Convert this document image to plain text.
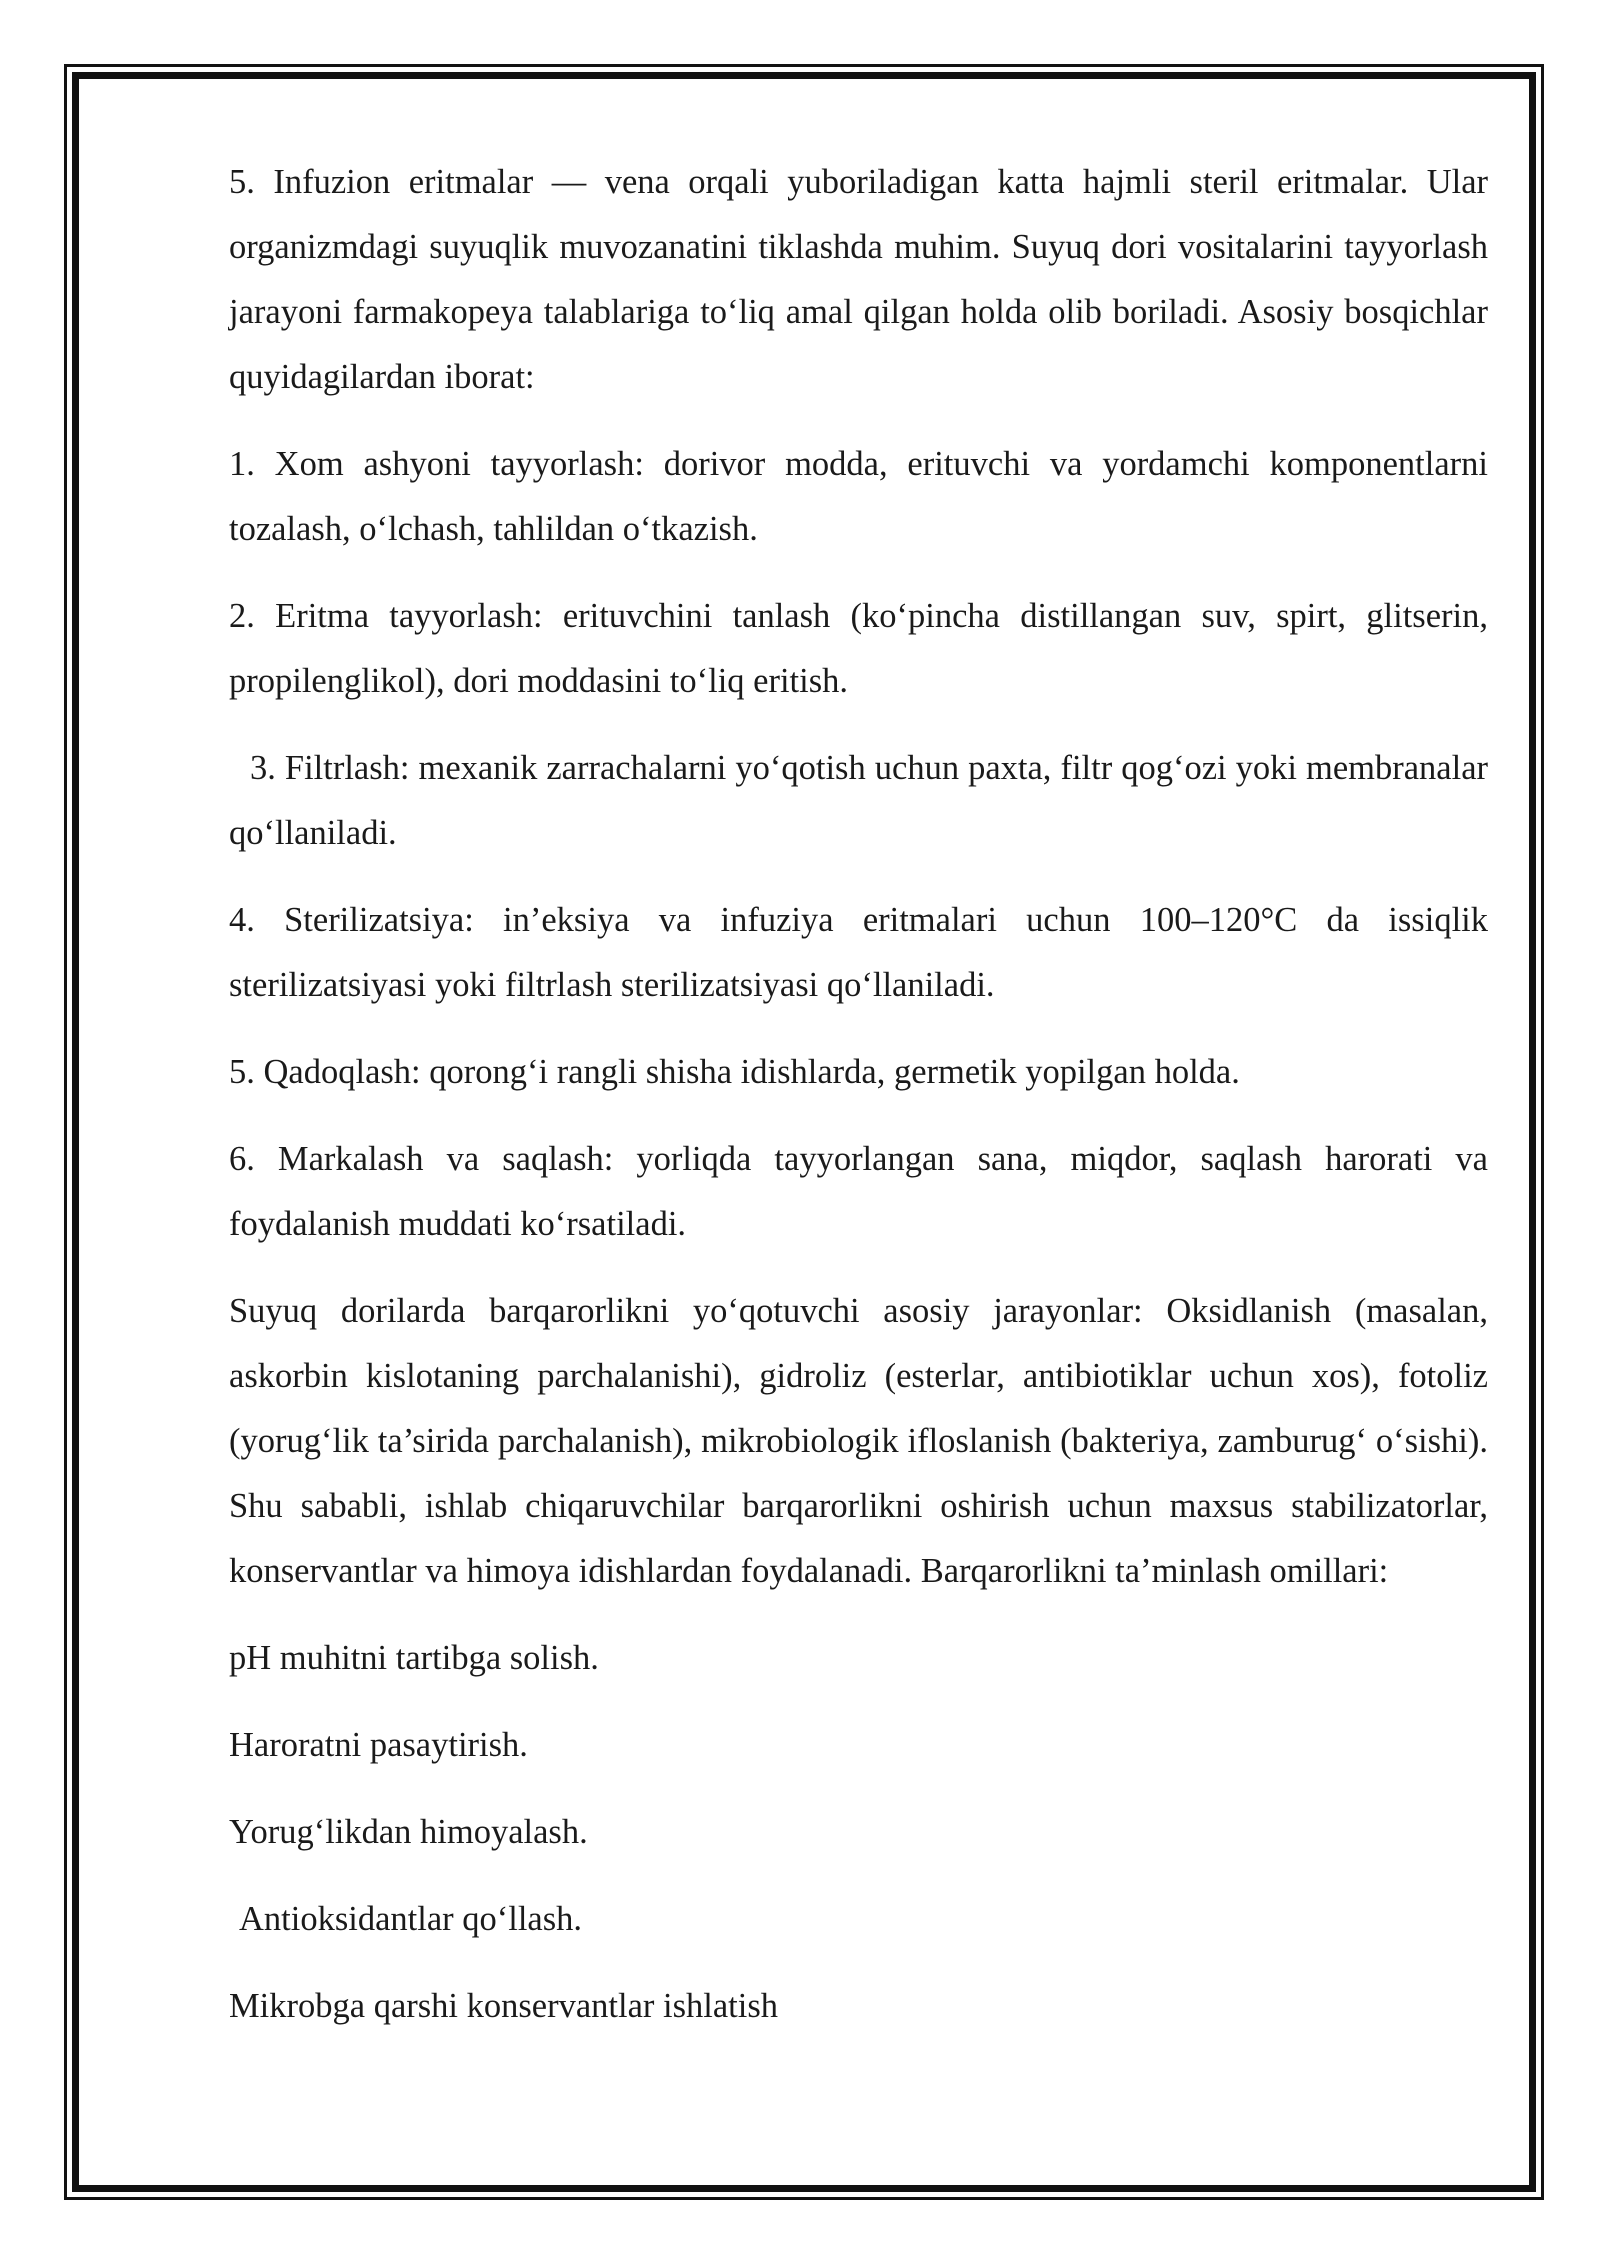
5. Infuzion eritmalar — vena orqali yuboriladigan katta hajmli steril eritmalar. Ular organizmdagi suyuqlik muvozanatini tiklashda muhim. Suyuq dori vositalarini tayyorlash jarayoni farmakopeya talablariga to‘liq amal qilgan holda olib boriladi. Asosiy bosqichlar quyidagilardan iborat:

1. Xom ashyoni tayyorlash: dorivor modda, erituvchi va yordamchi komponentlarni tozalash, o‘lchash, tahlildan o‘tkazish.

2. Eritma tayyorlash: erituvchini tanlash (ko‘pincha distillangan suv, spirt, glitserin, propilenglikol), dori moddasini to‘liq eritish.

3. Filtrlash: mexanik zarrachalarni yo‘qotish uchun paxta, filtr qog‘ozi yoki membranalar qo‘llaniladi.

4. Sterilizatsiya: in’eksiya va infuziya eritmalari uchun 100–120°C da issiqlik sterilizatsiyasi yoki filtrlash sterilizatsiyasi qo‘llaniladi.

5. Qadoqlash: qorong‘i rangli shisha idishlarda, germetik yopilgan holda.

6. Markalash va saqlash: yorliqda tayyorlangan sana, miqdor, saqlash harorati va foydalanish muddati ko‘rsatiladi.

Suyuq dorilarda barqarorlikni yo‘qotuvchi asosiy jarayonlar: Oksidlanish (masalan, askorbin kislotaning parchalanishi), gidroliz (esterlar, antibiotiklar uchun xos), fotoliz (yorug‘lik ta’sirida parchalanish), mikrobiologik ifloslanish (bakteriya, zamburug‘ o‘sishi). Shu sababli, ishlab chiqaruvchilar barqarorlikni oshirish uchun maxsus stabilizatorlar, konservantlar va himoya idishlardan foydalanadi. Barqarorlikni ta’minlash omillari:

pH muhitni tartibga solish.

Haroratni pasaytirish.

Yorug‘likdan himoyalash.

Antioksidantlar qo‘llash.

Mikrobga qarshi konservantlar ishlatish
